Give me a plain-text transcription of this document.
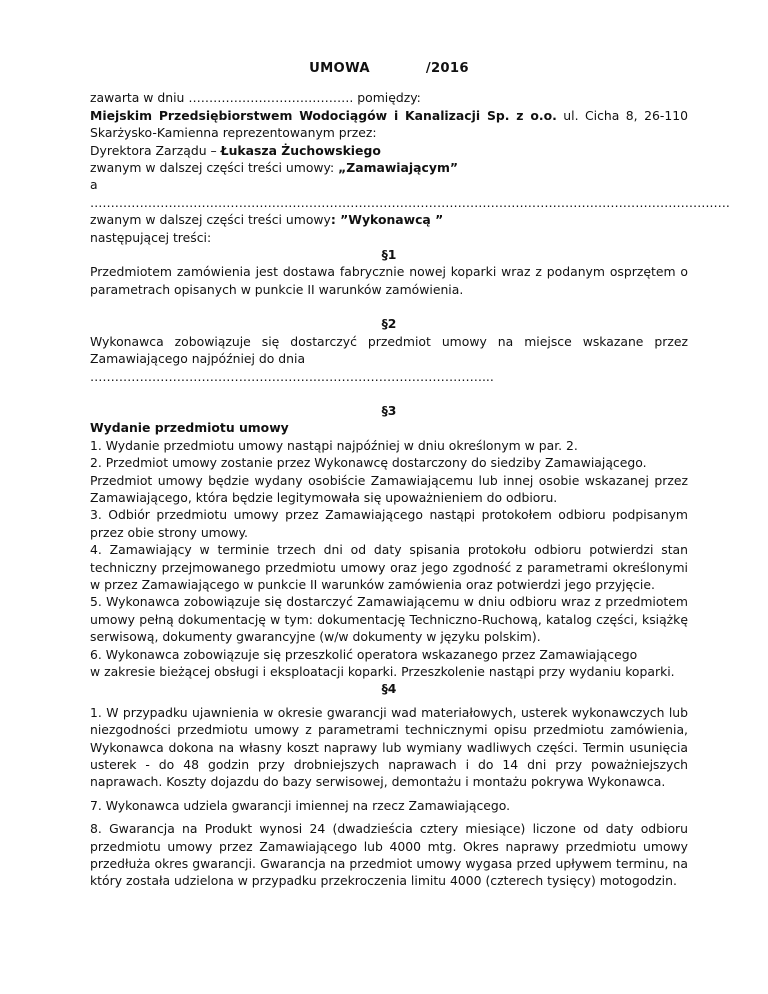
UMOWA	/2016

zawarta w dniu …………………………………. pomiędzy:

Miejskim Przedsiębiorstwem Wodociągów i Kanalizacji Sp. z o.o. ul. Cicha 8, 26-110

Skarżysko-Kamienna reprezentowanym przez:

Dyrektora Zarządu – Łukasza Żuchowskiego

zwanym w dalszej części treści umowy: „Zamawiającym”

a …………………………………………………………………………………………………………………………………….….

zwanym w dalszej części treści umowy: ”Wykonawcą ”

następującej treści:

§1

Przedmiotem zamówienia jest dostawa fabrycznie nowej koparki wraz z podanym osprzętem o parametrach opisanych w punkcie II warunków zamówienia.

§2

Wykonawca zobowiązuje się dostarczyć przedmiot umowy na miejsce wskazane przez

Zamawiającego najpóźniej do dnia ………………………………………………..…………………………………...

§3

Wydanie przedmiotu umowy

1. Wydanie przedmiotu umowy nastąpi najpóźniej w dniu określonym w par. 2.

2. Przedmiot umowy zostanie przez Wykonawcę dostarczony do siedziby Zamawiającego.

Przedmiot umowy będzie wydany osobiście Zamawiającemu lub innej osobie wskazanej przez Zamawiającego, która będzie legitymowała się upoważnieniem do odbioru.

3. Odbiór przedmiotu umowy przez Zamawiającego nastąpi protokołem odbioru podpisanym przez obie strony umowy.

4. Zamawiający w terminie trzech dni od daty spisania protokołu odbioru potwierdzi stan techniczny przejmowanego przedmiotu umowy oraz jego zgodność z parametrami określonymi w przez Zamawiającego w punkcie II warunków zamówienia oraz potwierdzi jego przyjęcie.

5. Wykonawca zobowiązuje się dostarczyć Zamawiającemu w dniu odbioru wraz z przedmiotem umowy pełną dokumentację w tym: dokumentację Techniczno-Ruchową, katalog części, książkę serwisową, dokumenty gwarancyjne (w/w dokumenty w języku polskim).

6. Wykonawca zobowiązuje się przeszkolić operatora wskazanego przez Zamawiającego

w zakresie bieżącej obsługi i eksploatacji koparki. Przeszkolenie nastąpi przy wydaniu koparki.

§4

1. W przypadku ujawnienia w okresie gwarancji wad materiałowych, usterek wykonawczych lub niezgodności przedmiotu umowy z parametrami technicznymi opisu przedmiotu zamówienia, Wykonawca dokona na własny koszt naprawy lub wymiany wadliwych części. Termin usunięcia usterek - do 48 godzin przy drobniejszych naprawach i do 14 dni przy poważniejszych naprawach. Koszty dojazdu do bazy serwisowej, demontażu i montażu pokrywa Wykonawca.

7. Wykonawca udziela gwarancji imiennej na rzecz Zamawiającego.

8. Gwarancja na Produkt wynosi 24 (dwadzieścia cztery miesiące) liczone od daty odbioru przedmiotu umowy przez Zamawiającego lub 4000 mtg. Okres naprawy przedmiotu umowy przedłuża okres gwarancji. Gwarancja na przedmiot umowy wygasa przed upływem terminu, na który została udzielona w przypadku przekroczenia limitu 4000 (czterech tysięcy) motogodzin.
